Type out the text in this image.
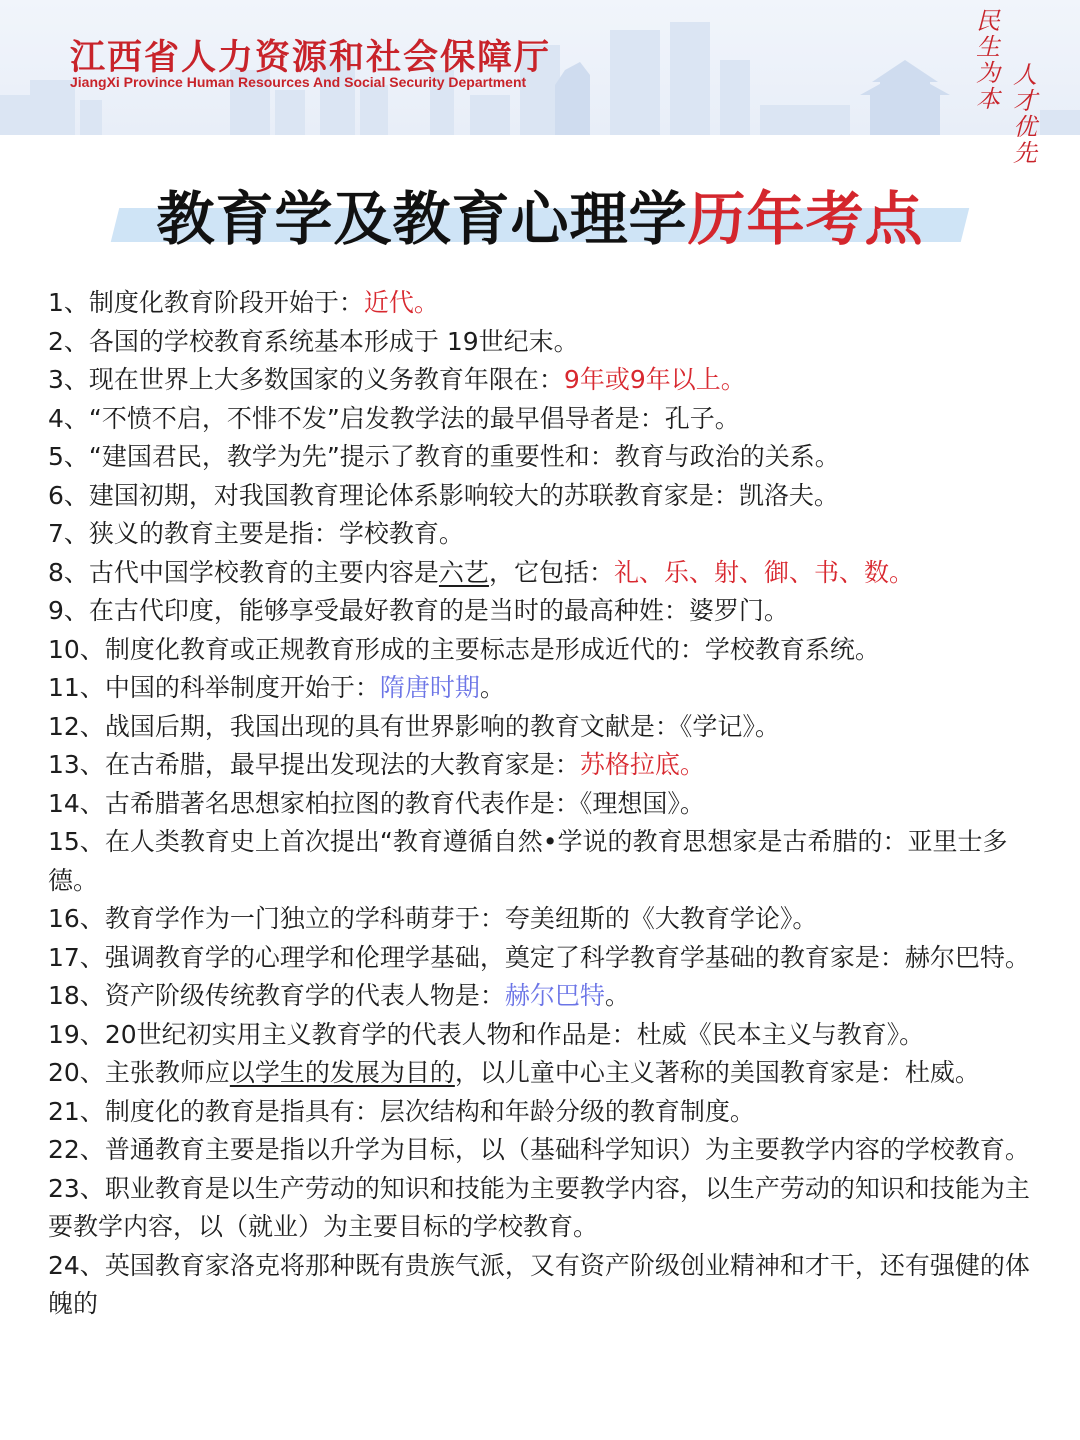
江西省人力资源和社会保障厅
JiangXi Province Human Resources And Social Security Department
民生为本
人才优先
教育学及教育心理学历年考点
1、制度化教育阶段开始于：近代。
2、各国的学校教育系统基本形成于 19世纪末。
3、现在世界上大多数国家的义务教育年限在：9年或9年以上。
4、“不愤不启，不悱不发”启发教学法的最早倡导者是：孔子。
5、“建国君民，教学为先”提示了教育的重要性和：教育与政治的关系。
6、建国初期，对我国教育理论体系影响较大的苏联教育家是：凯洛夫。
7、狭义的教育主要是指：学校教育。
8、古代中国学校教育的主要内容是六艺，它包括：礼、乐、射、御、书、数。
9、在古代印度，能够享受最好教育的是当时的最高种姓：婆罗门。
10、制度化教育或正规教育形成的主要标志是形成近代的：学校教育系统。
11、中国的科举制度开始于：隋唐时期。
12、战国后期，我国出现的具有世界影响的教育文献是：《学记》。
13、在古希腊，最早提出发现法的大教育家是：苏格拉底。
14、古希腊著名思想家柏拉图的教育代表作是：《理想国》。
15、在人类教育史上首次提出“教育遵循自然•学说的教育思想家是古希腊的：亚里士多德。
16、教育学作为一门独立的学科萌芽于：夸美纽斯的《大教育学论》。
17、强调教育学的心理学和伦理学基础，奠定了科学教育学基础的教育家是：赫尔巴特。
18、资产阶级传统教育学的代表人物是：赫尔巴特。
19、20世纪初实用主义教育学的代表人物和作品是：杜威《民本主义与教育》。
20、主张教师应以学生的发展为目的，以儿童中心主义著称的美国教育家是：杜威。
21、制度化的教育是指具有：层次结构和年龄分级的教育制度。
22、普通教育主要是指以升学为目标，以（基础科学知识）为主要教学内容的学校教育。
23、职业教育是以生产劳动的知识和技能为主要教学内容，以生产劳动的知识和技能为主要教学内容，以（就业）为主要目标的学校教育。
24、英国教育家洛克将那种既有贵族气派，又有资产阶级创业精神和才干，还有强健的体魄的
